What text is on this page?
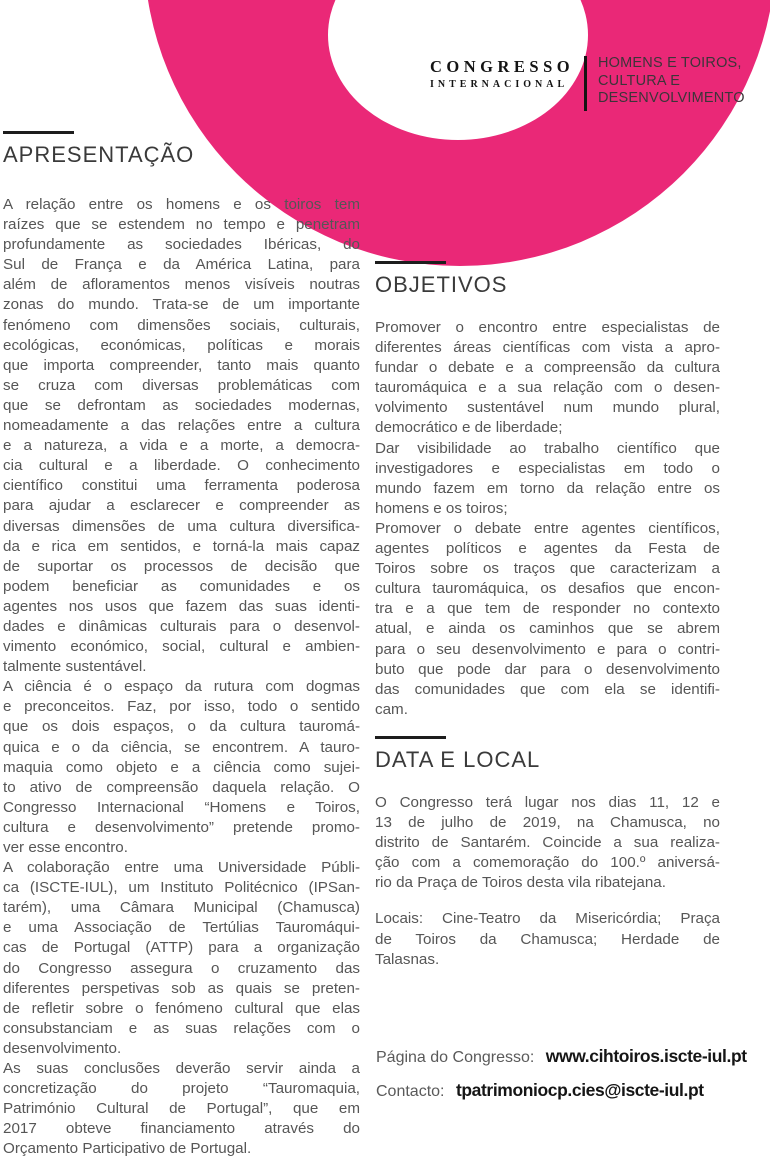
CONGRESSO
INTERNACIONAL
HOMENS E TOIROS,
CULTURA E
DESENVOLVIMENTO
APRESENTAÇÃO
A relação entre os homens e os toiros tem
raízes que se estendem no tempo e penetram
profundamente as sociedades Ibéricas, do
Sul de França e da América Latina, para
além de afloramentos menos visíveis noutras
zonas do mundo. Trata-se de um importante
fenómeno com dimensões sociais, culturais,
ecológicas, económicas, políticas e morais
que importa compreender, tanto mais quanto
se cruza com diversas problemáticas com
que se defrontam as sociedades modernas,
nomeadamente a das relações entre a cultura
e a natureza, a vida e a morte, a democra-
cia cultural e a liberdade. O conhecimento
científico constitui uma ferramenta poderosa
para ajudar a esclarecer e compreender as
diversas dimensões de uma cultura diversifica-
da e rica em sentidos, e torná-la mais capaz
de suportar os processos de decisão que
podem beneficiar as comunidades e os
agentes nos usos que fazem das suas identi-
dades e dinâmicas culturais para o desenvol-
vimento económico, social, cultural e ambien-
talmente sustentável.
A ciência é o espaço da rutura com dogmas
e preconceitos. Faz, por isso, todo o sentido
que os dois espaços, o da cultura tauromá-
quica e o da ciência, se encontrem. A tauro-
maquia como objeto e a ciência como sujei-
to ativo de compreensão daquela relação. O
Congresso Internacional “Homens e Toiros,
cultura e desenvolvimento” pretende promo-
ver esse encontro.
A colaboração entre uma Universidade Públi-
ca (ISCTE-IUL), um Instituto Politécnico (IPSan-
tarém), uma Câmara Municipal (Chamusca)
e uma Associação de Tertúlias Tauromáqui-
cas de Portugal (ATTP) para a organização
do Congresso assegura o cruzamento das
diferentes perspetivas sob as quais se preten-
de refletir sobre o fenómeno cultural que elas
consubstanciam e as suas relações com o
desenvolvimento.
As suas conclusões deverão servir ainda a
concretização do projeto “Tauromaquia,
Património Cultural de Portugal”, que em
2017 obteve financiamento através do
Orçamento Participativo de Portugal.
OBJETIVOS
Promover o encontro entre especialistas de
diferentes áreas científicas com vista a apro-
fundar o debate e a compreensão da cultura
tauromáquica e a sua relação com o desen-
volvimento sustentável num mundo plural,
democrático e de liberdade;
Dar visibilidade ao trabalho científico que
investigadores e especialistas em todo o
mundo fazem em torno da relação entre os
homens e os toiros;
Promover o debate entre agentes científicos,
agentes políticos e agentes da Festa de
Toiros sobre os traços que caracterizam a
cultura tauromáquica, os desafios que encon-
tra e a que tem de responder no contexto
atual, e ainda os caminhos que se abrem
para o seu desenvolvimento e para o contri-
buto que pode dar para o desenvolvimento
das comunidades que com ela se identifi-
cam.
DATA E LOCAL
O Congresso terá lugar nos dias 11, 12 e
13 de julho de 2019, na Chamusca, no
distrito de Santarém. Coincide a sua realiza-
ção com a comemoração do 100.º aniversá-
rio da Praça de Toiros desta vila ribatejana.
Locais: Cine-Teatro da Misericórdia; Praça
de Toiros da Chamusca; Herdade de
Talasnas.
Página do Congresso: www.cihtoiros.iscte-iul.pt
Contacto: tpatrimoniocp.cies@iscte-iul.pt
